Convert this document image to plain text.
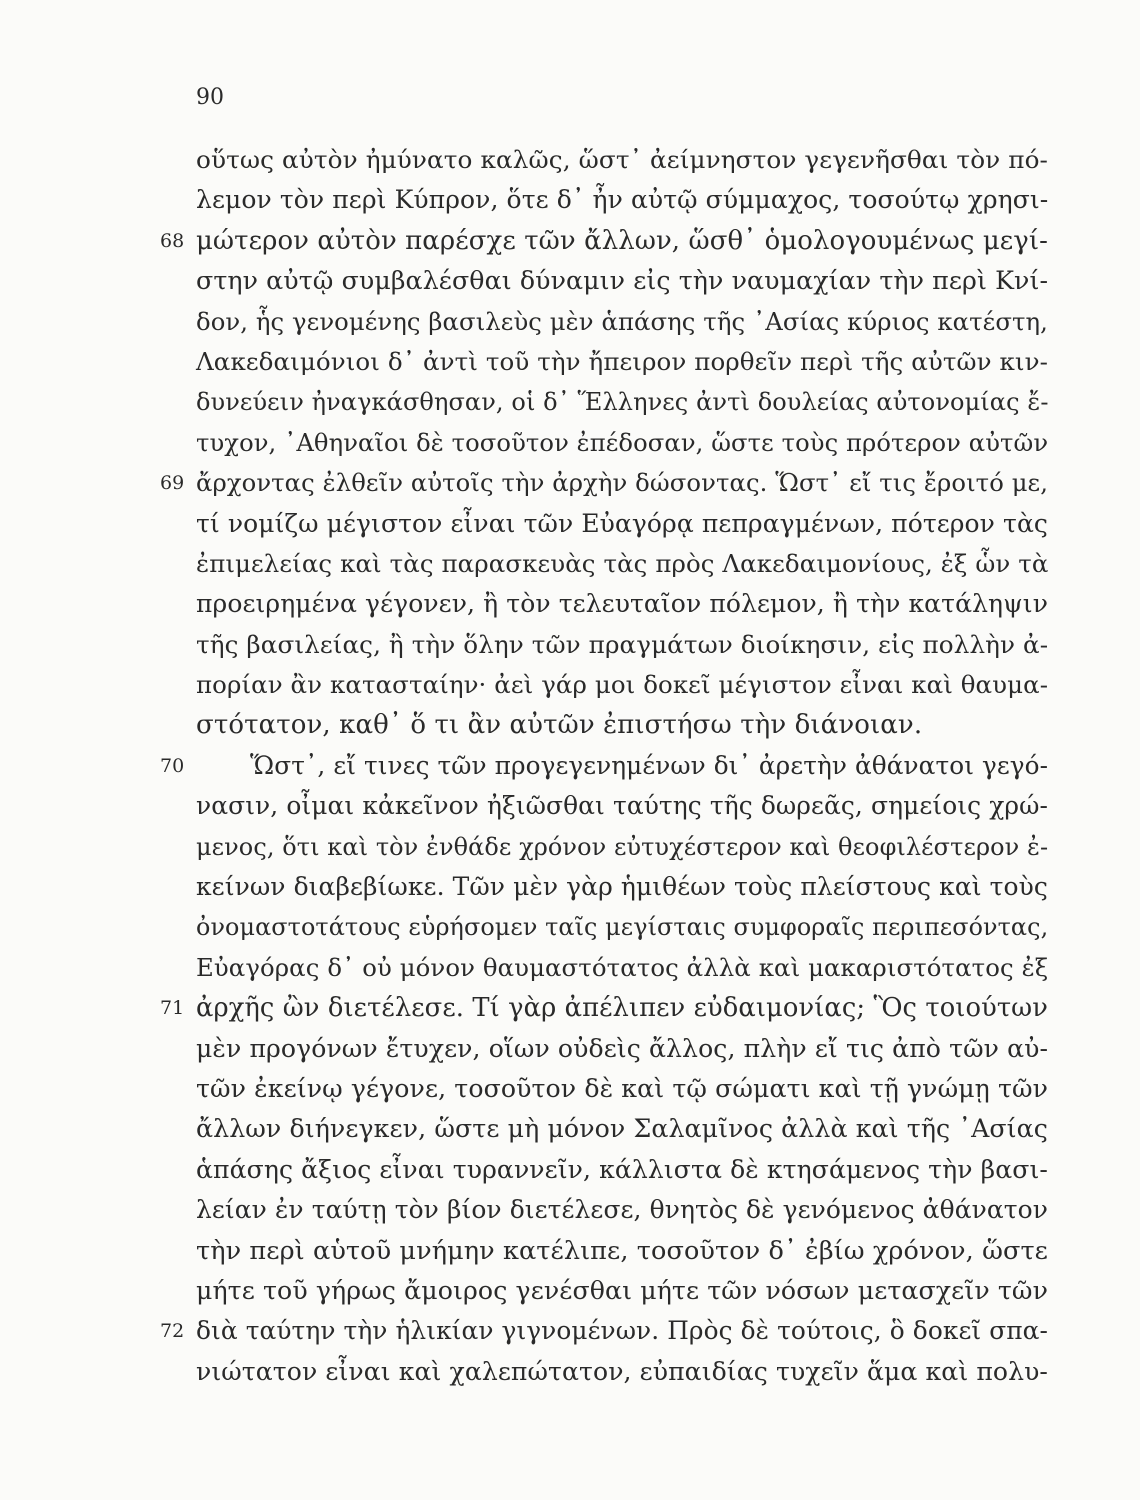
90
οὕτως αὐτὸν ἠμύνατο καλῶς, ὥστ᾽ ἀείμνηστον γεγενῆσθαι τὸν πό-
λεμον τὸν περὶ Κύπρον, ὅτε δ᾽ ἦν αὐτῷ σύμμαχος, τοσούτῳ χρησι-
68 μώτερον αὐτὸν παρέσχε τῶν ἄλλων, ὥσθ᾽ ὁμολογουμένως μεγί-
στην αὐτῷ συμβαλέσθαι δύναμιν εἰς τὴν ναυμαχίαν τὴν περὶ Κνί-
δον, ἧς γενομένης βασιλεὺς μὲν ἁπάσης τῆς ᾽Ασίας κύριος κατέστη,
Λακεδαιμόνιοι δ᾽ ἀντὶ τοῦ τὴν ἤπειρον πορθεῖν περὶ τῆς αὐτῶν κιν-
δυνεύειν ἠναγκάσθησαν, οἱ δ᾽ Ἕλληνες ἀντὶ δουλείας αὐτονομίας ἔ-
τυχον, ᾽Αθηναῖοι δὲ τοσοῦτον ἐπέδοσαν, ὥστε τοὺς πρότερον αὐτῶν
69 ἄρχοντας ἐλθεῖν αὐτοῖς τὴν ἀρχὴν δώσοντας. Ὥστ᾽ εἴ τις ἔροιτό με,
τί νομίζω μέγιστον εἶναι τῶν Εὐαγόρᾳ πεπραγμένων, πότερον τὰς
ἐπιμελείας καὶ τὰς παρασκευὰς τὰς πρὸς Λακεδαιμονίους, ἐξ ὧν τὰ
προειρημένα γέγονεν, ἢ τὸν τελευταῖον πόλεμον, ἢ τὴν κατάληψιν
τῆς βασιλείας, ἢ τὴν ὅλην τῶν πραγμάτων διοίκησιν, εἰς πολλὴν ἀ-
πορίαν ἂν κατασταίην· ἀεὶ γάρ μοι δοκεῖ μέγιστον εἶναι καὶ θαυμα-
στότατον, καθ᾽ ὅ τι ἂν αὐτῶν ἐπιστήσω τὴν διάνοιαν.
70	Ὥστ᾽, εἴ τινες τῶν προγεγενημένων δι᾽ ἀρετὴν ἀθάνατοι γεγό-
νασιν, οἶμαι κἀκεῖνον ἠξιῶσθαι ταύτης τῆς δωρεᾶς, σημείοις χρώ-
μενος, ὅτι καὶ τὸν ἐνθάδε χρόνον εὐτυχέστερον καὶ θεοφιλέστερον ἐ-
κείνων διαβεβίωκε. Τῶν μὲν γὰρ ἡμιθέων τοὺς πλείστους καὶ τοὺς
ὀνομαστοτάτους εὑρήσομεν ταῖς μεγίσταις συμφοραῖς περιπεσόντας,
Εὐαγόρας δ᾽ οὐ μόνον θαυμαστότατος ἀλλὰ καὶ μακαριστότατος ἐξ
71 ἀρχῆς ὢν διετέλεσε. Τί γὰρ ἀπέλιπεν εὐδαιμονίας; Ὃς τοιούτων
μὲν προγόνων ἔτυχεν, οἵων οὐδεὶς ἄλλος, πλὴν εἴ τις ἀπὸ τῶν αὐ-
τῶν ἐκείνῳ γέγονε, τοσοῦτον δὲ καὶ τῷ σώματι καὶ τῇ γνώμῃ τῶν
ἄλλων διήνεγκεν, ὥστε μὴ μόνον Σαλαμῖνος ἀλλὰ καὶ τῆς ᾽Ασίας
ἁπάσης ἄξιος εἶναι τυραννεῖν, κάλλιστα δὲ κτησάμενος τὴν βασι-
λείαν ἐν ταύτῃ τὸν βίον διετέλεσε, θνητὸς δὲ γενόμενος ἀθάνατον
τὴν περὶ αὑτοῦ μνήμην κατέλιπε, τοσοῦτον δ᾽ ἐβίω χρόνον, ὥστε
μήτε τοῦ γήρως ἄμοιρος γενέσθαι μήτε τῶν νόσων μετασχεῖν τῶν
72 διὰ ταύτην τὴν ἡλικίαν γιγνομένων. Πρὸς δὲ τούτοις, ὃ δοκεῖ σπα-
νιώτατον εἶναι καὶ χαλεπώτατον, εὐπαιδίας τυχεῖν ἅμα καὶ πολυ-
